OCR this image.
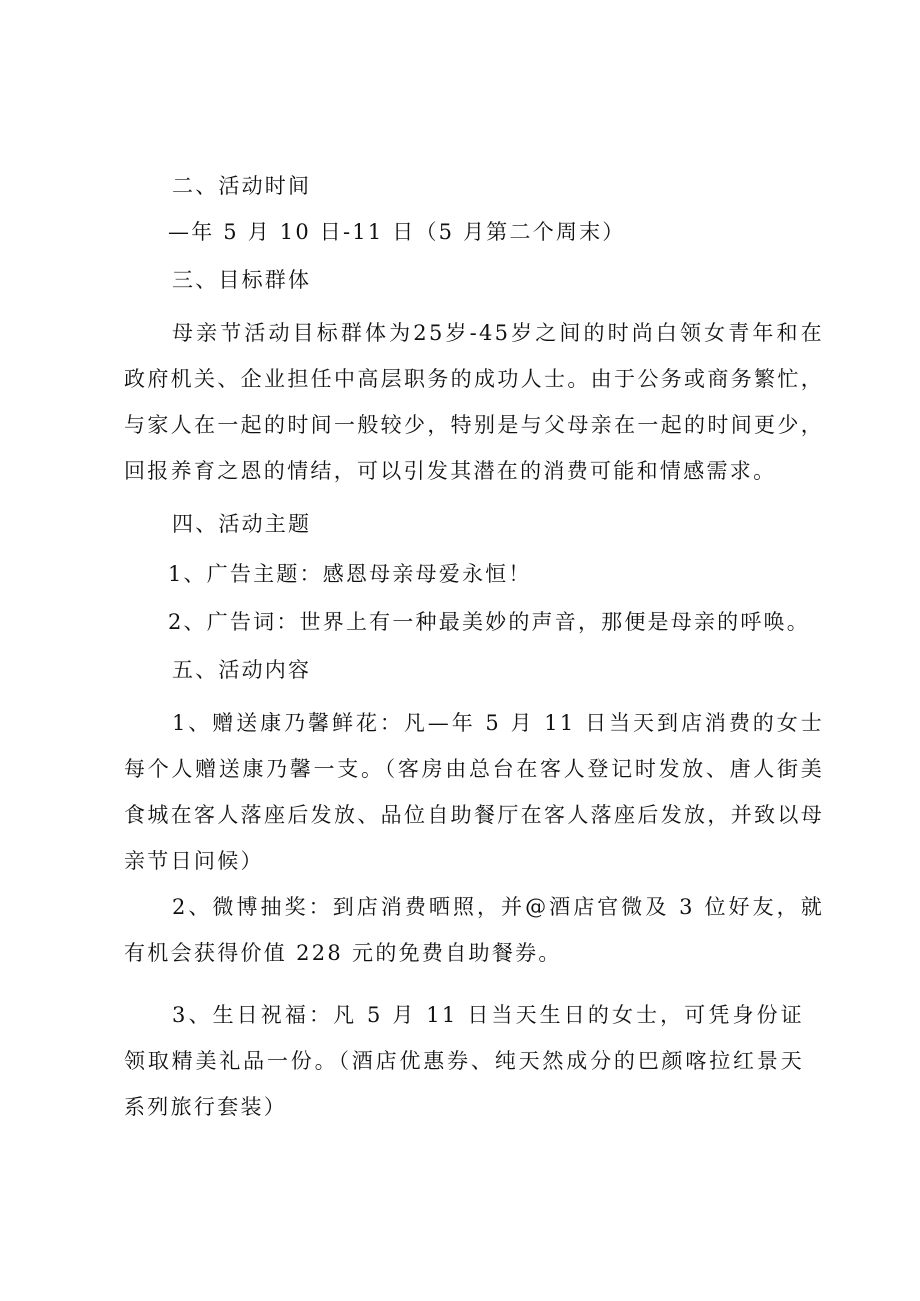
二、活动时间
—年 5 月 10 日-11 日（5 月第二个周末）
三、目标群体
母亲节活动目标群体为25岁-45岁之间的时尚白领女青年和在政府机关、企业担任中高层职务的成功人士。由于公务或商务繁忙，与家人在一起的时间一般较少，特别是与父母亲在一起的时间更少，回报养育之恩的情结，可以引发其潜在的消费可能和情感需求。
四、活动主题
1、广告主题：感恩母亲母爱永恒！
2、广告词：世界上有一种最美妙的声音，那便是母亲的呼唤。
五、活动内容
1、赠送康乃馨鲜花：凡—年 5 月 11 日当天到店消费的女士每个人赠送康乃馨一支。（客房由总台在客人登记时发放、唐人街美食城在客人落座后发放、品位自助餐厅在客人落座后发放，并致以母亲节日问候）
2、微博抽奖：到店消费晒照，并@酒店官微及 3 位好友，就有机会获得价值 228 元的免费自助餐券。
3、生日祝福：凡 5 月 11 日当天生日的女士，可凭身份证领取精美礼品一份。（酒店优惠券、纯天然成分的巴颜喀拉红景天系列旅行套装）
